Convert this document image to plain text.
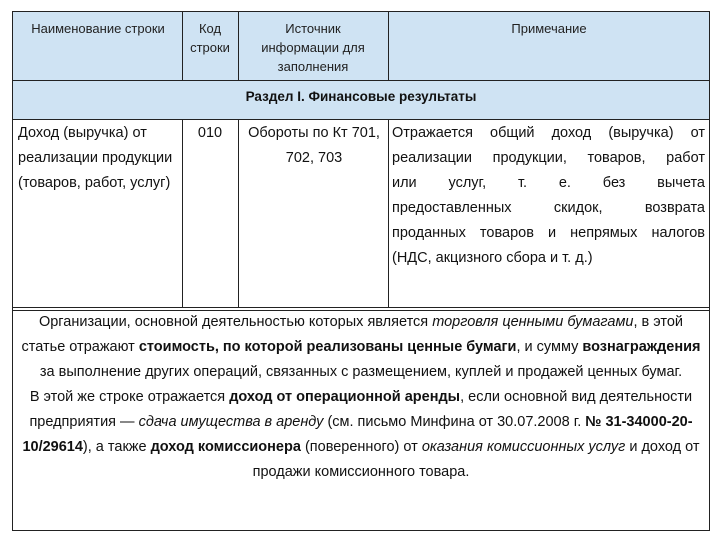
Наименование строки	Код строки
Источник информации для заполнения
Примечание
Раздел I. Финансовые результаты
Доход (выручка) от реализации продукции (товаров, работ, услуг)
010	Обороты по Кт 701, 702, 703
Отражается общий доход (выручка) от
реализации продукции, товаров, работ
или услуг, т. е. без вычета
предоставленных скидок, возврата
проданных товаров и непрямых налогов
(НДС, акцизного сбора и т. д.)
Организации, основной деятельностью которых является торговля ценными бумагами, в этой статье отражают стоимость, по которой реализованы ценные бумаги, и сумму вознаграждения за выполнение других операций, связанных с размещением, куплей и продажей ценных бумаг.
В этой же строке отражается доход от операционной аренды, если основной вид деятельности предприятия — сдача имущества в аренду (см. письмо Минфина от 30.07.2008 г. № 31-34000-20-10/29614), а также доход комиссионера (поверенного) от оказания комиссионных услуг и доход от продажи комиссионного товара.
